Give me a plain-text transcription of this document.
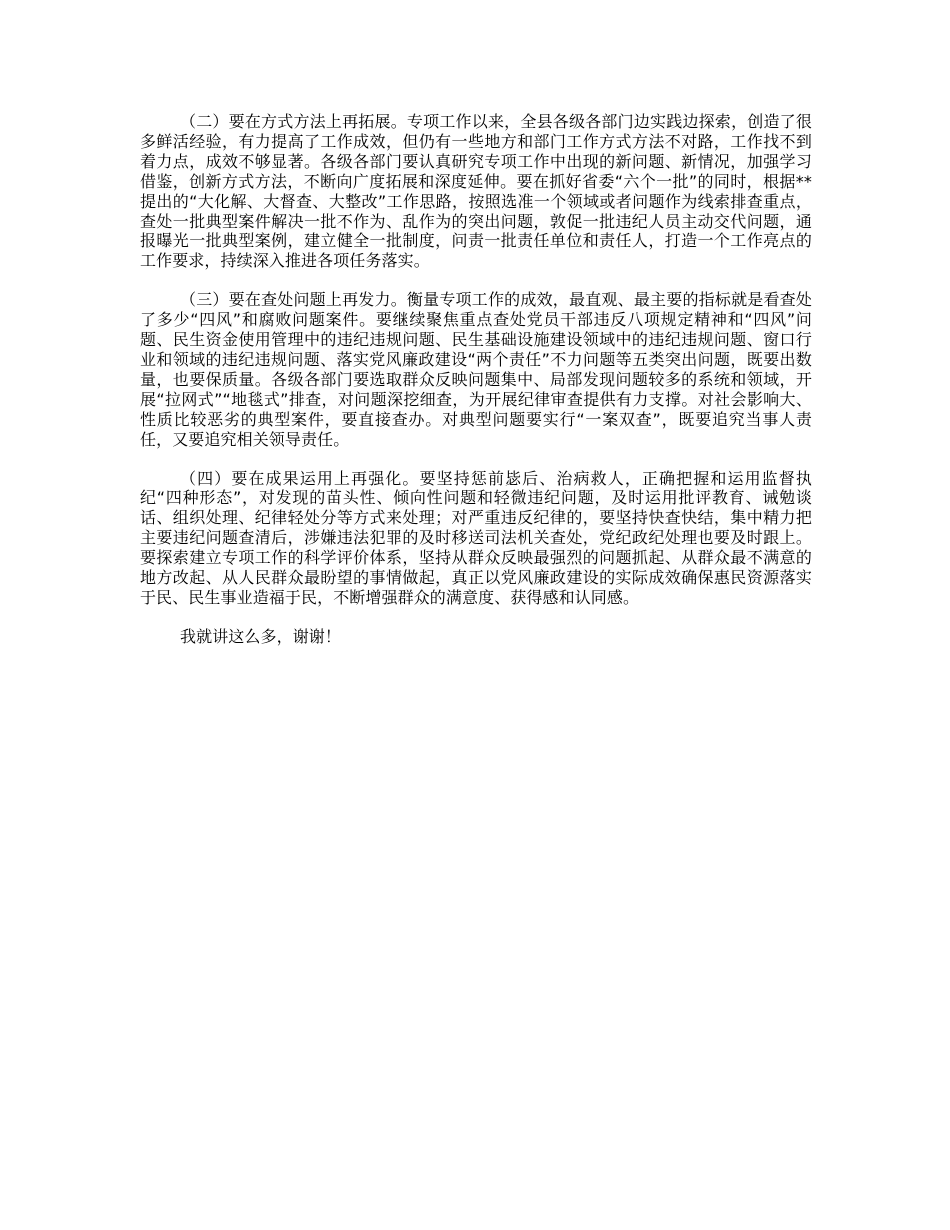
（二）要在方式方法上再拓展。专项工作以来，全县各级各部门边实践边探索，创造了很多鲜活经验，有力提高了工作成效，但仍有一些地方和部门工作方式方法不对路，工作找不到着力点，成效不够显著。各级各部门要认真研究专项工作中出现的新问题、新情况，加强学习借鉴，创新方式方法，不断向广度拓展和深度延伸。要在抓好省委“六个一批”的同时，根据**提出的“大化解、大督查、大整改”工作思路，按照选准一个领域或者问题作为线索排查重点，查处一批典型案件解决一批不作为、乱作为的突出问题，敦促一批违纪人员主动交代问题，通报曝光一批典型案例，建立健全一批制度，问责一批责任单位和责任人，打造一个工作亮点的工作要求，持续深入推进各项任务落实。

（三）要在查处问题上再发力。衡量专项工作的成效，最直观、最主要的指标就是看查处了多少“四风”和腐败问题案件。要继续聚焦重点查处党员干部违反八项规定精神和“四风”问题、民生资金使用管理中的违纪违规问题、民生基础设施建设领域中的违纪违规问题、窗口行业和领域的违纪违规问题、落实党风廉政建设“两个责任”不力问题等五类突出问题，既要出数量，也要保质量。各级各部门要选取群众反映问题集中、局部发现问题较多的系统和领域，开展“拉网式”“地毯式”排查，对问题深挖细查，为开展纪律审查提供有力支撑。对社会影响大、性质比较恶劣的典型案件，要直接查办。对典型问题要实行“一案双查”，既要追究当事人责任，又要追究相关领导责任。

（四）要在成果运用上再强化。要坚持惩前毖后、治病救人，正确把握和运用监督执纪“四种形态”，对发现的苗头性、倾向性问题和轻微违纪问题，及时运用批评教育、诫勉谈话、组织处理、纪律轻处分等方式来处理；对严重违反纪律的，要坚持快查快结，集中精力把主要违纪问题查清后，涉嫌违法犯罪的及时移送司法机关查处，党纪政纪处理也要及时跟上。要探索建立专项工作的科学评价体系，坚持从群众反映最强烈的问题抓起、从群众最不满意的地方改起、从人民群众最盼望的事情做起，真正以党风廉政建设的实际成效确保惠民资源落实于民、民生事业造福于民，不断增强群众的满意度、获得感和认同感。

我就讲这么多，谢谢！
